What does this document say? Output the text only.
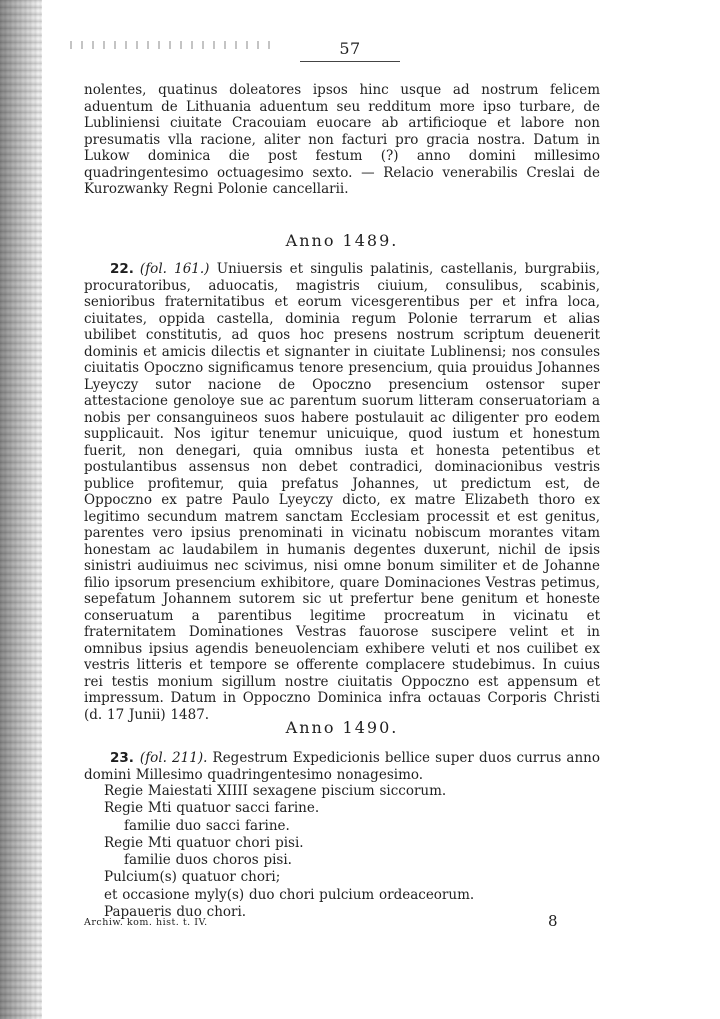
57

nolentes, quatinus doleatores ipsos hinc usque ad nostrum felicem aduentum de Lithuania aduentum seu redditum more ipso turbare, de Lubliniensi ciuitate Cracouiam euocare ab artificioque et labore non presumatis vlla racione, aliter non facturi pro gracia nostra. Datum in Lukow dominica die post festum (?) anno domini millesimo quadringentesimo octuagesimo sexto. — Relacio venerabilis Creslai de Kurozwanky Regni Polonie cancellarii.

Anno 1489.

22. (fol. 161.) Uniuersis et singulis palatinis, castellanis, burgrabiis, procuratoribus, aduocatis, magistris ciuium, consulibus, scabinis, senioribus fraternitatibus et eorum vicesgerentibus per et infra loca, ciuitates, oppida castella, dominia regum Polonie terrarum et alias ubilibet constitutis, ad quos hoc presens nostrum scriptum deuenerit dominis et amicis dilectis et signanter in ciuitate Lublinensi; nos consules ciuitatis Opoczno significamus tenore presencium, quia prouidus Johannes Lyeyczy sutor nacione de Opoczno presencium ostensor super attestacione genoloye sue ac parentum suorum litteram conseruatoriam a nobis per consanguineos suos habere postulauit ac diligenter pro eodem supplicauit. Nos igitur tenemur unicuique, quod iustum et honestum fuerit, non denegari, quia omnibus iusta et honesta petentibus et postulantibus assensus non debet contradici, dominacionibus vestris publice profitemur, quia prefatus Johannes, ut predictum est, de Oppoczno ex patre Paulo Lyeyczy dicto, ex matre Elizabeth thoro ex legitimo secundum matrem sanctam Ecclesiam processit et est genitus, parentes vero ipsius prenominati in vicinatu nobiscum morantes vitam honestam ac laudabilem in humanis degentes duxerunt, nichil de ipsis sinistri audiuimus nec scivimus, nisi omne bonum similiter et de Johanne filio ipsorum presencium exhibitore, quare Dominaciones Vestras petimus, sepefatum Johannem sutorem sic ut prefertur bene genitum et honeste conseruatum a parentibus legitime procreatum in vicinatu et fraternitatem Dominationes Vestras fauorose suscipere velint et in omnibus ipsius agendis beneuolenciam exhibere veluti et nos cuilibet ex vestris litteris et tempore se offerente complacere studebimus. In cuius rei testis monium sigillum nostre ciuitatis Oppoczno est appensum et impressum. Datum in Oppoczno Dominica infra octauas Corporis Christi (d. 17 Junii) 1487.

Anno 1490.

23. (fol. 211). Regestrum Expedicionis bellice super duos currus anno domini Millesimo quadringentesimo nonagesimo.

Regie Maiestati XIIII sexagene piscium siccorum.

Regie Mti quatuor sacci farine.

familie duo sacci farine.

Regie Mti quatuor chori pisi.

familie duos choros pisi.

Pulcium(s) quatuor chori;

et occasione myly(s) duo chori pulcium ordeaceorum.

Papaueris duo chori.

Archiw. kom. hist. t. IV.	8
